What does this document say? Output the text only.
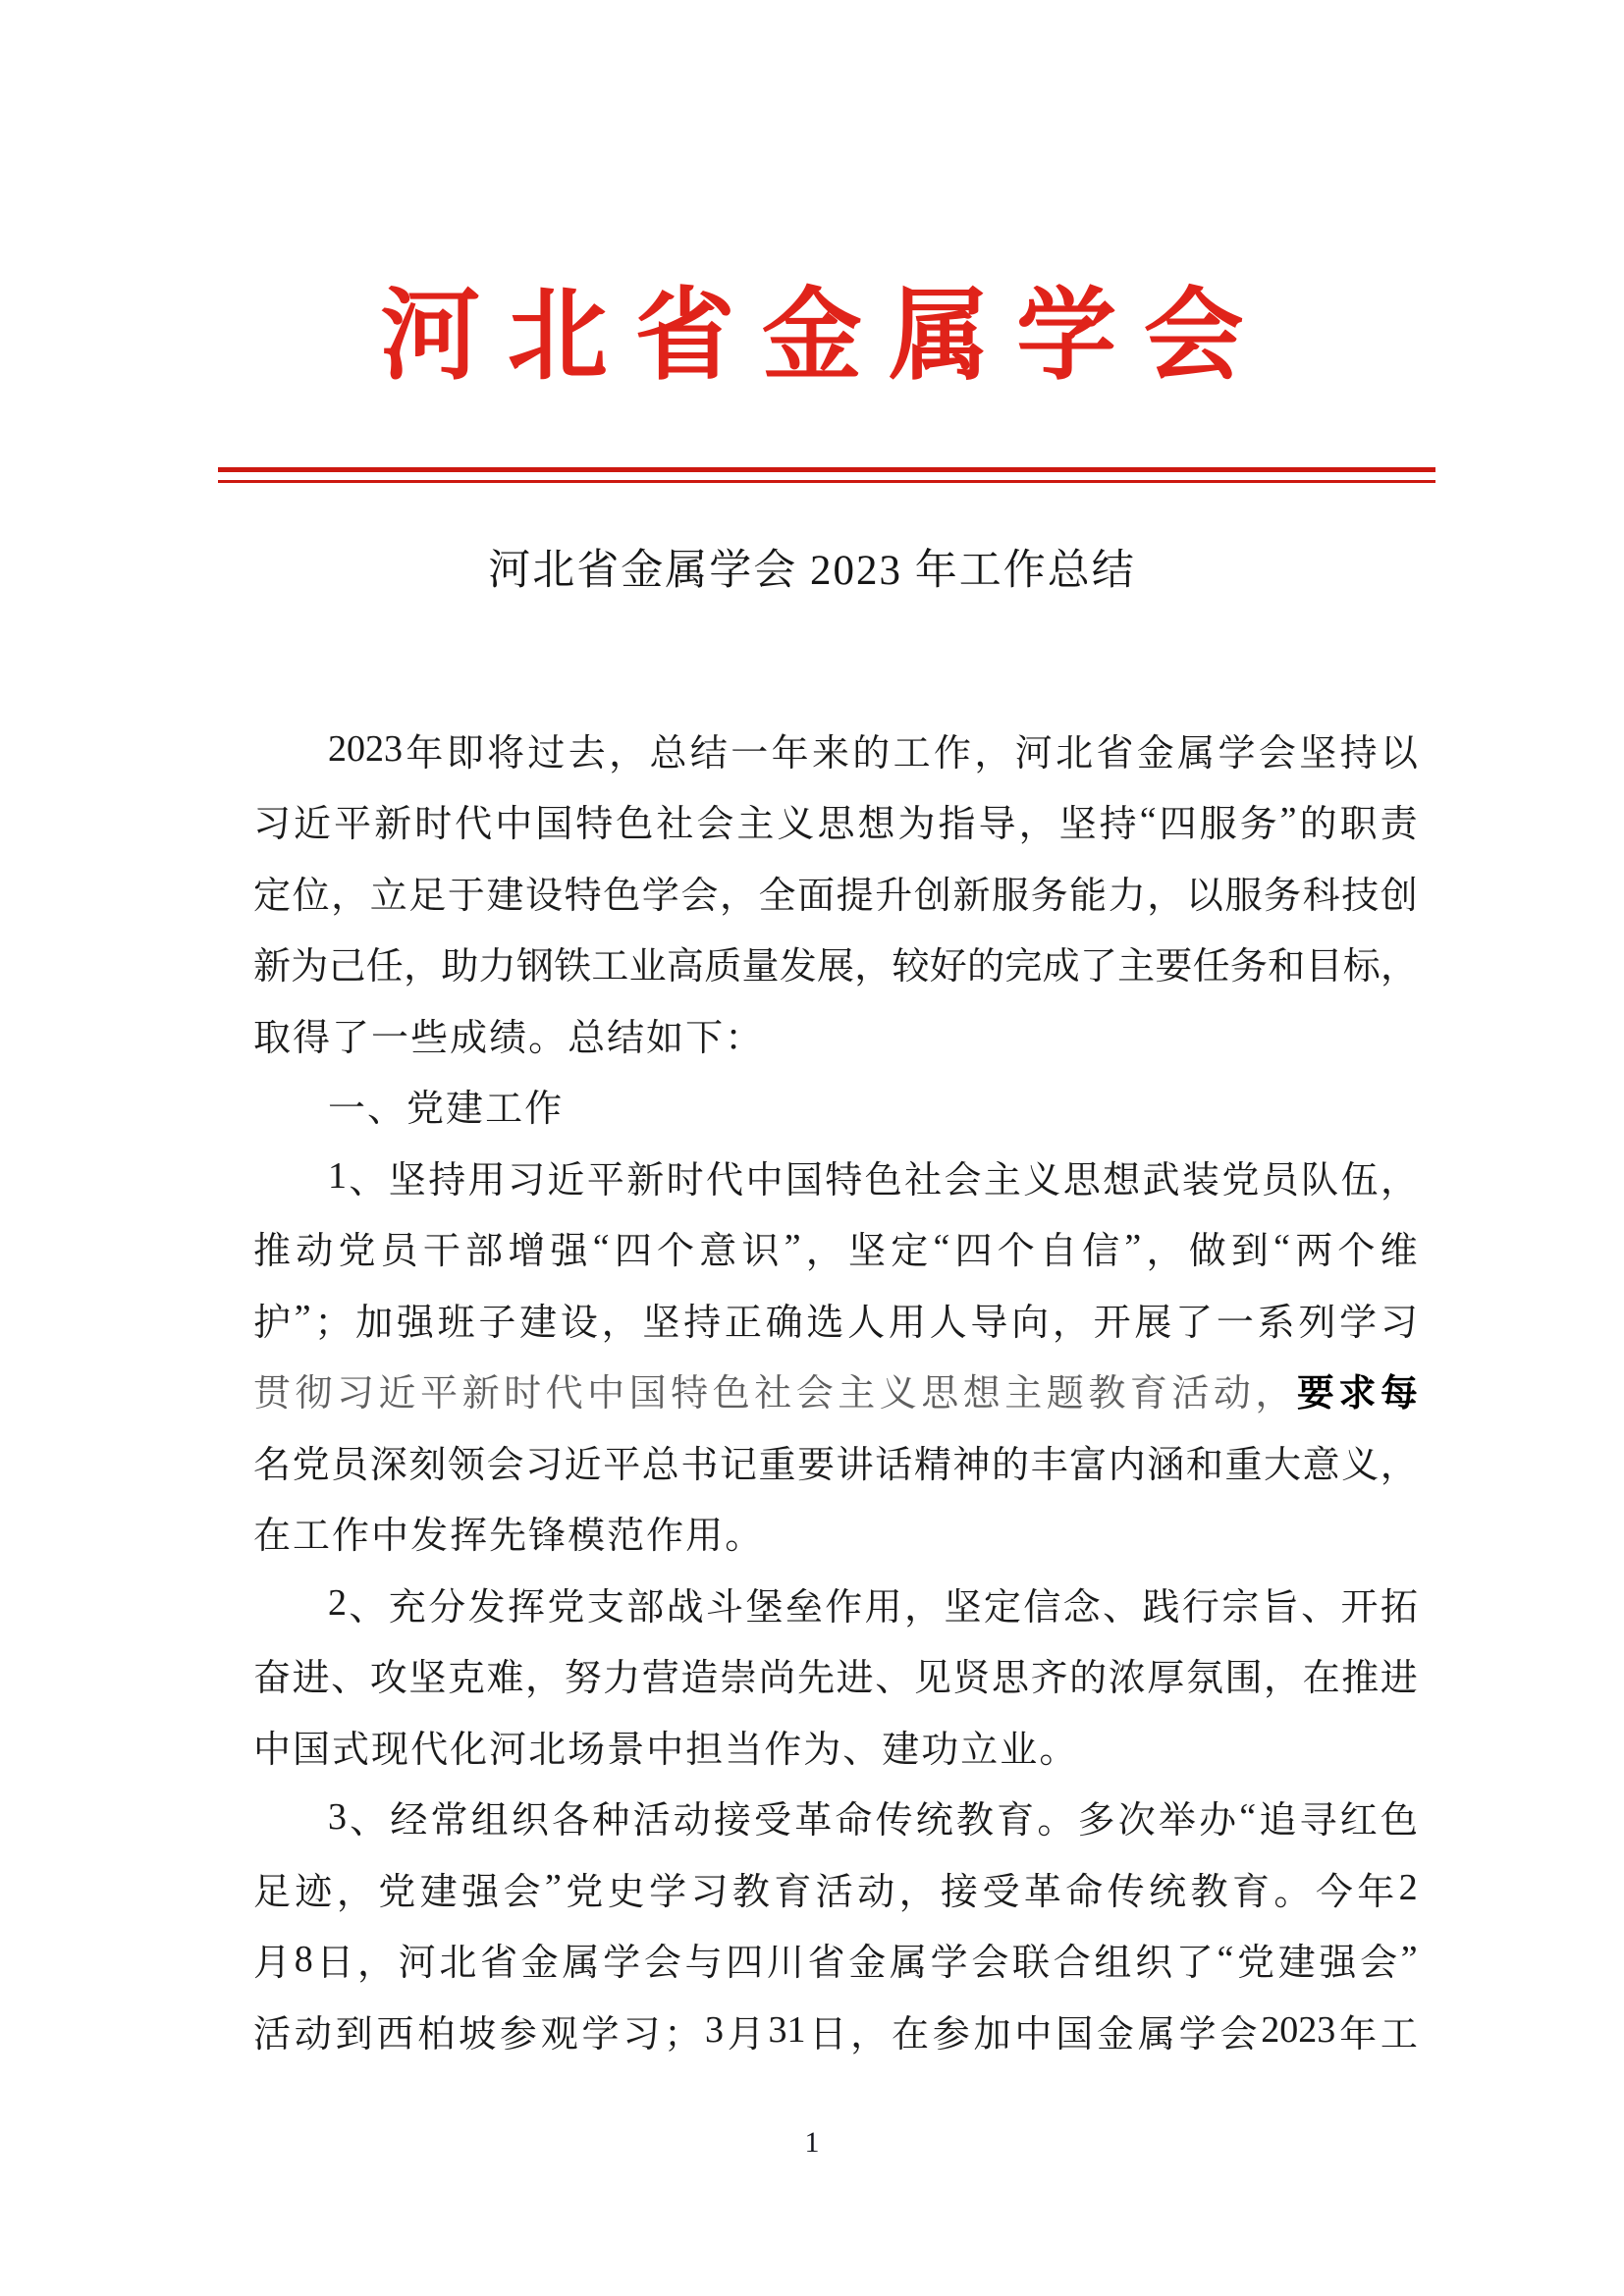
河北省金属学会
河北省金属学会 2023 年工作总结
2023 年 即 将 过 去 ， 总 结 一 年 来 的 工 作 ， 河 北 省 金 属 学 会 坚 持 以
习 近 平 新 时 代 中 国 特 色 社 会 主 义 思 想 为 指 导 ， 坚 持 “ 四 服 务 ” 的 职 责
定 位 ， 立 足 于 建 设 特 色 学 会 ， 全 面 提 升 创 新 服 务 能 力 ， 以 服 务 科 技 创
新 为 己 任 ， 助 力 钢 铁 工 业 高 质 量 发 展 ， 较 好 的 完 成 了 主 要 任 务 和 目 标 ，
取 得 了 一 些 成 绩 。 总 结 如 下 ：
一 、 党 建 工 作
1 、 坚 持 用 习 近 平 新 时 代 中 国 特 色 社 会 主 义 思 想 武 装 党 员 队 伍 ，
推 动 党 员 干 部 增 强 “ 四 个 意 识 ” ， 坚 定 “ 四 个 自 信 ” ， 做 到 “ 两 个 维
护 ” ； 加 强 班 子 建 设 ， 坚 持 正 确 选 人 用 人 导 向 ， 开 展 了 一 系 列 学 习
贯 彻 习 近 平 新 时 代 中 国 特 色 社 会 主 义 思 想 主 题 教 育 活 动 ， 要 求 每
名 党 员 深 刻 领 会 习 近 平 总 书 记 重 要 讲 话 精 神 的 丰 富 内 涵 和 重 大 意 义 ，
在 工 作 中 发 挥 先 锋 模 范 作 用 。
2 、 充 分 发 挥 党 支 部 战 斗 堡 垒 作 用 ， 坚 定 信 念 、 践 行 宗 旨 、 开 拓
奋 进 、 攻 坚 克 难 ， 努 力 营 造 崇 尚 先 进 、 见 贤 思 齐 的 浓 厚 氛 围 ， 在 推 进
中 国 式 现 代 化 河 北 场 景 中 担 当 作 为 、 建 功 立 业 。
3 、 经 常 组 织 各 种 活 动 接 受 革 命 传 统 教 育 。 多 次 举 办 “ 追 寻 红 色
足 迹 ， 党 建 强 会 ” 党 史 学 习 教 育 活 动 ， 接 受 革 命 传 统 教 育 。 今 年 2
月 8 日 ， 河 北 省 金 属 学 会 与 四 川 省 金 属 学 会 联 合 组 织 了 “ 党 建 强 会 ”
活 动 到 西 柏 坡 参 观 学 习 ； 3 月 31 日 ， 在 参 加 中 国 金 属 学 会 2023 年 工
1
